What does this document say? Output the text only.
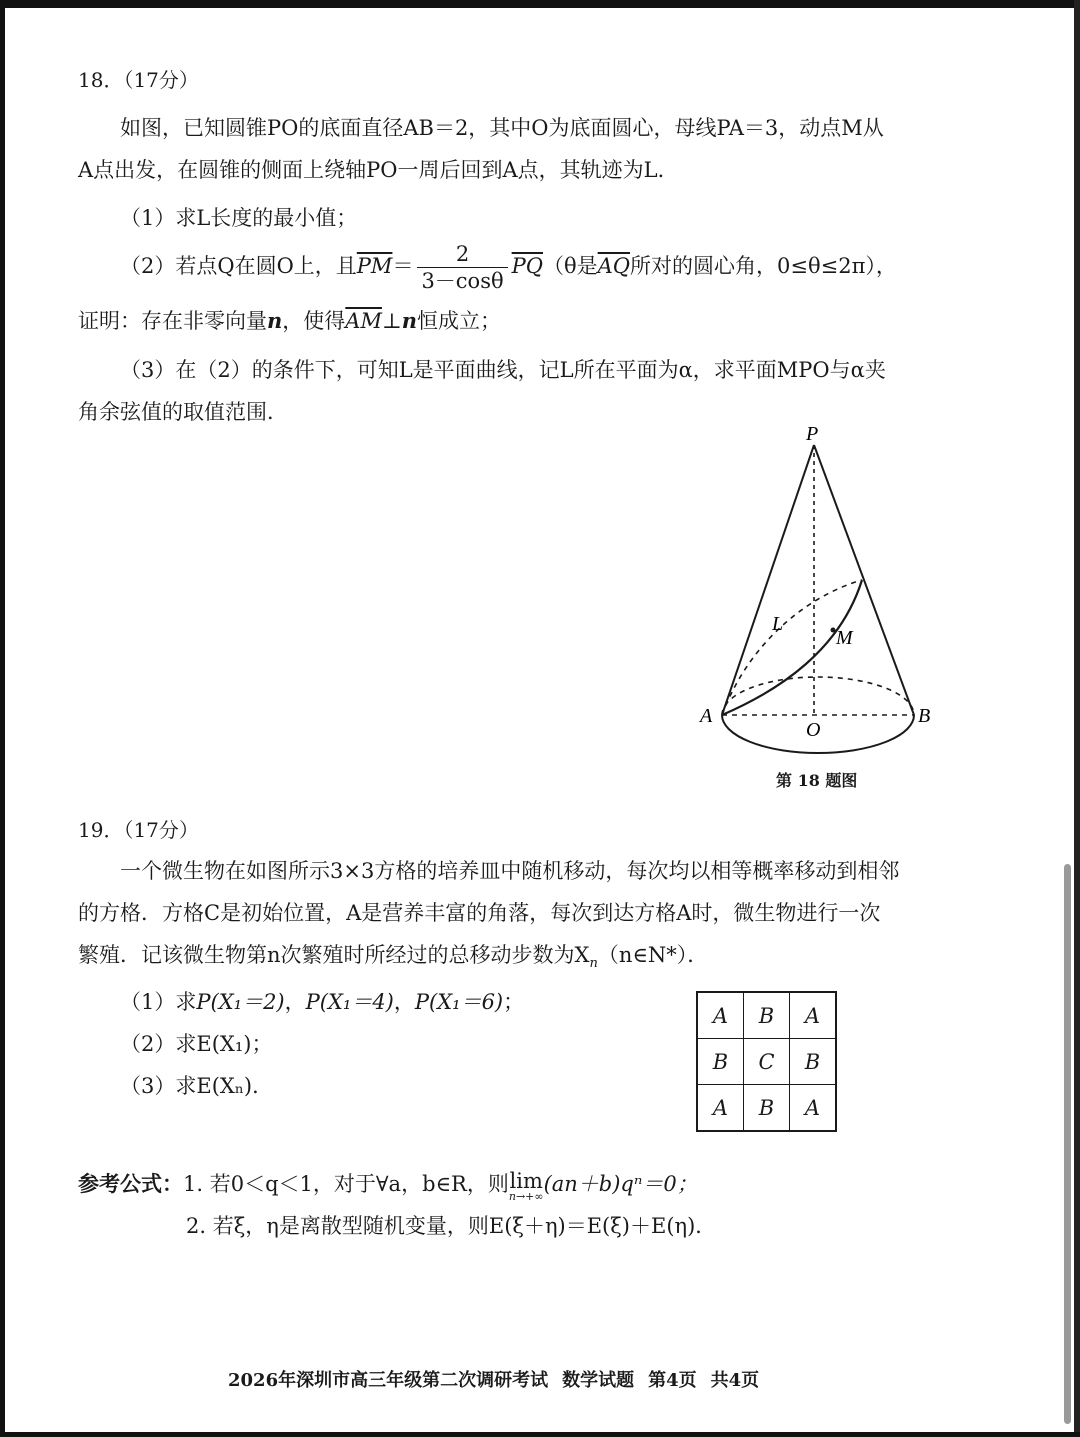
18．（17分）
如图，已知圆锥PO的底面直径AB＝2，其中O为底面圆心，母线PA＝3，动点M从
A点出发，在圆锥的侧面上绕轴PO一周后回到A点，其轨迹为L．
（1）求L长度的最小值；
（2）若点Q在圆O上，且$\overline{PM}= \frac{2}{3-\cos\theta} \overline{PQ}(\theta$是$\overline{AQ}$所对的圆心角，0≤θ≤2π），
证明：存在非零向量n，使得$\overline{AM}\perp n$恒成立；
（3）在（2）的条件下，可知L是平面曲线，记L所在平面为α，求平面MPO与α夹
角余弦值的取值范围．
P
A	B
O
L
M
第 18 题图
19．（17分）
一个微生物在如图所示3×3方格的培养皿中随机移动，每次均以相等概率移动到相邻
的方格．方格C是初始位置，A是营养丰富的角落，每次到达方格A时，微生物进行一次
繁殖．记该微生物第n次繁殖时所经过的总移动步数为$X_n(n\in N*)$．
（1）求P(X₁＝2)，P(X₁＝4)，P(X₁＝6)；
（2）求E(X₁)；
（3）求E(Xₙ)．
A	B	A
B	C	B
A	B	A
参考公式：1. 若0＜q＜1，对于∀a，b∈R，则lim
n→+∞
(an＋b)qⁿ＝0；
2. 若ξ，η是离散型随机变量，则E(ξ＋η)＝E(ξ)＋E(η)．
2026年深圳市高三年级第二次调研考试 数学试题 第4页 共4页
